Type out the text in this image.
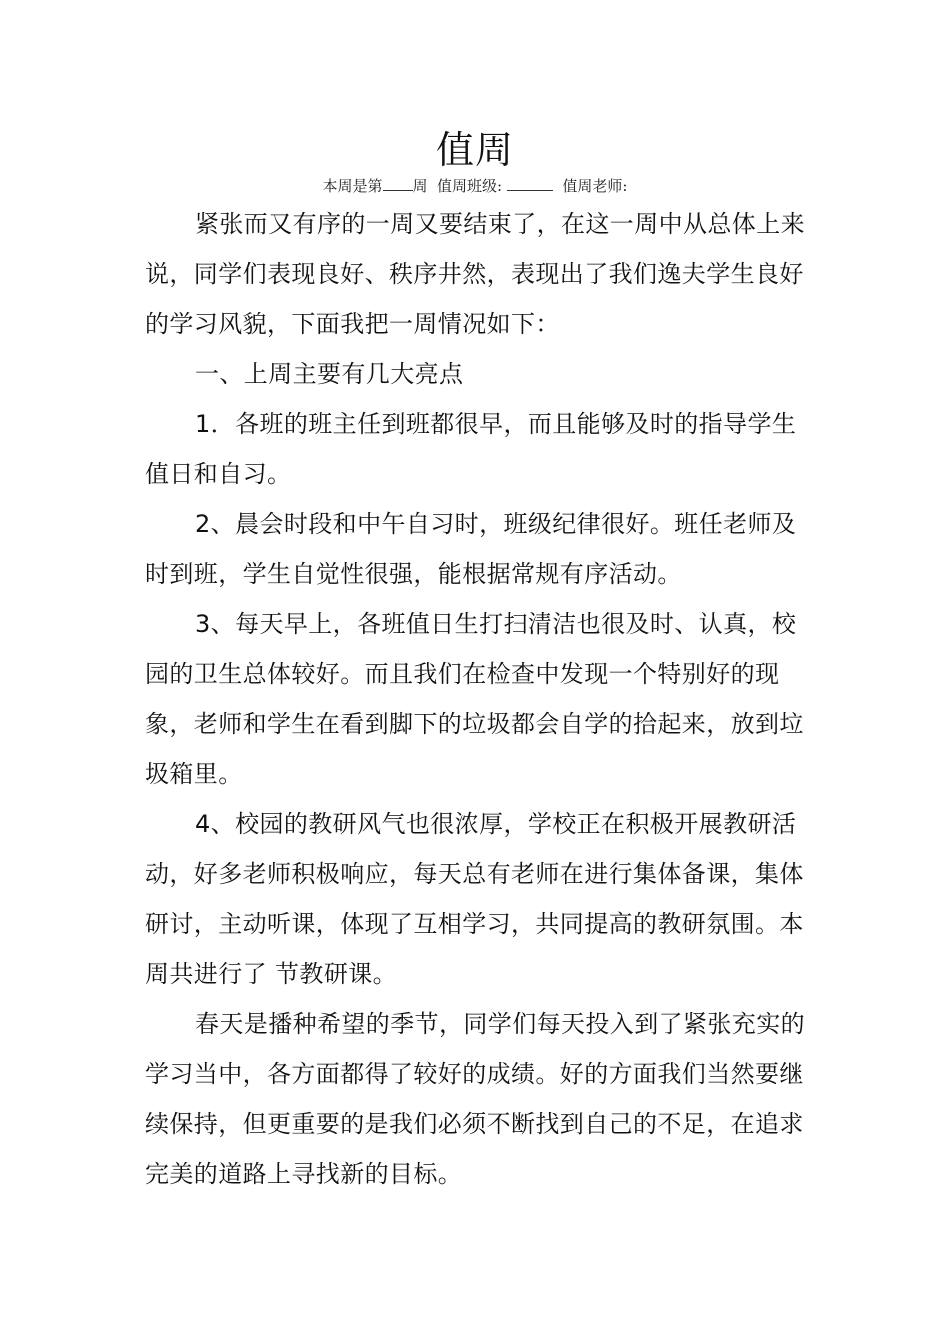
值周
本周是第 周  值周班级:	值周老师:

紧张而又有序的一周又要结束了，在这一周中从总体上来说，同学们表现良好、秩序井然，表现出了我们逸夫学生良好的学习风貌，下面我把一周情况如下：

一、上周主要有几大亮点

1．各班的班主任到班都很早，而且能够及时的指导学生值日和自习。

2、晨会时段和中午自习时，班级纪律很好。班任老师及时到班，学生自觉性很强，能根据常规有序活动。

3、每天早上，各班值日生打扫清洁也很及时、认真，校园的卫生总体较好。而且我们在检查中发现一个特别好的现象，老师和学生在看到脚下的垃圾都会自学的拾起来，放到垃圾箱里。

4、校园的教研风气也很浓厚，学校正在积极开展教研活动，好多老师积极响应，每天总有老师在进行集体备课，集体研讨，主动听课，体现了互相学习，共同提高的教研氛围。本周共进行了 节教研课。

春天是播种希望的季节，同学们每天投入到了紧张充实的学习当中，各方面都得了较好的成绩。好的方面我们当然要继续保持，但更重要的是我们必须不断找到自己的不足，在追求完美的道路上寻找新的目标。
